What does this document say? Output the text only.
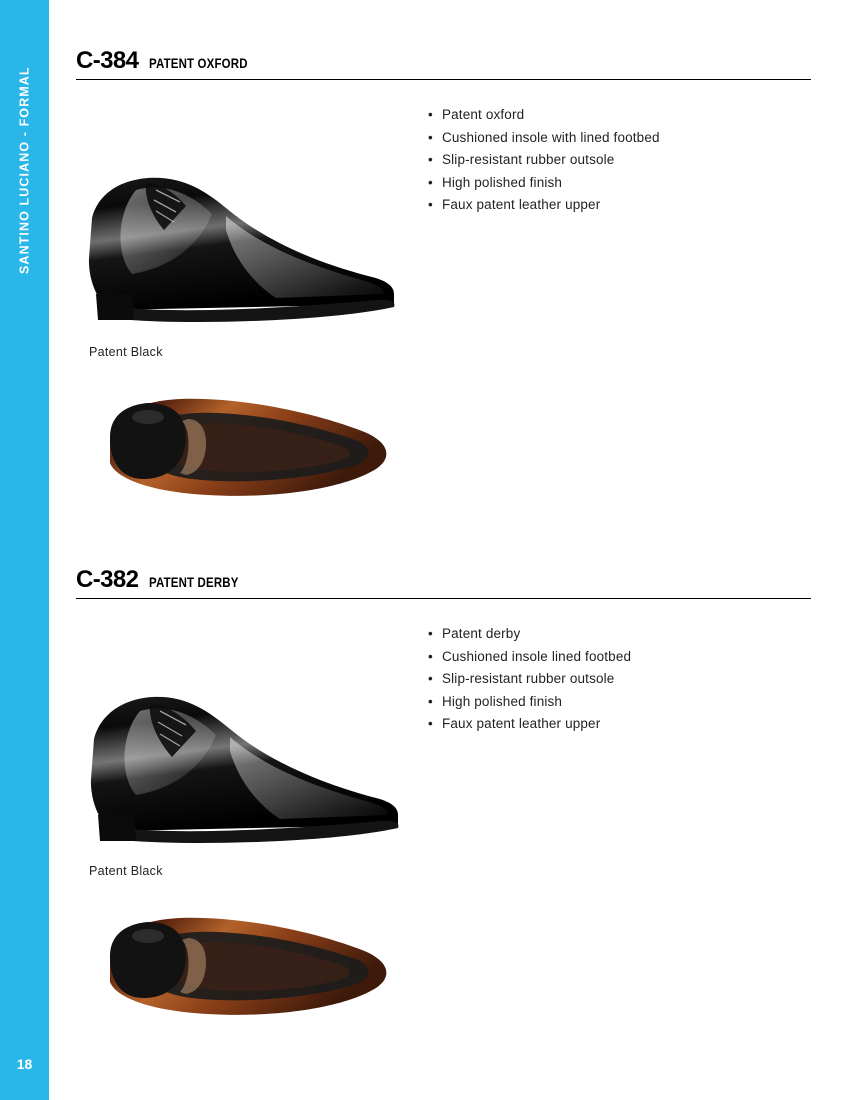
SANTINO LUCIANO - FORMAL
18
C-384 PATENT OXFORD
Patent Black
• Patent oxford
• Cushioned insole with lined footbed
• Slip-resistant rubber outsole
• High polished finish
• Faux patent leather upper
C-382 PATENT DERBY
Patent Black
• Patent derby
• Cushioned insole lined footbed
• Slip-resistant rubber outsole
• High polished finish
• Faux patent leather upper
